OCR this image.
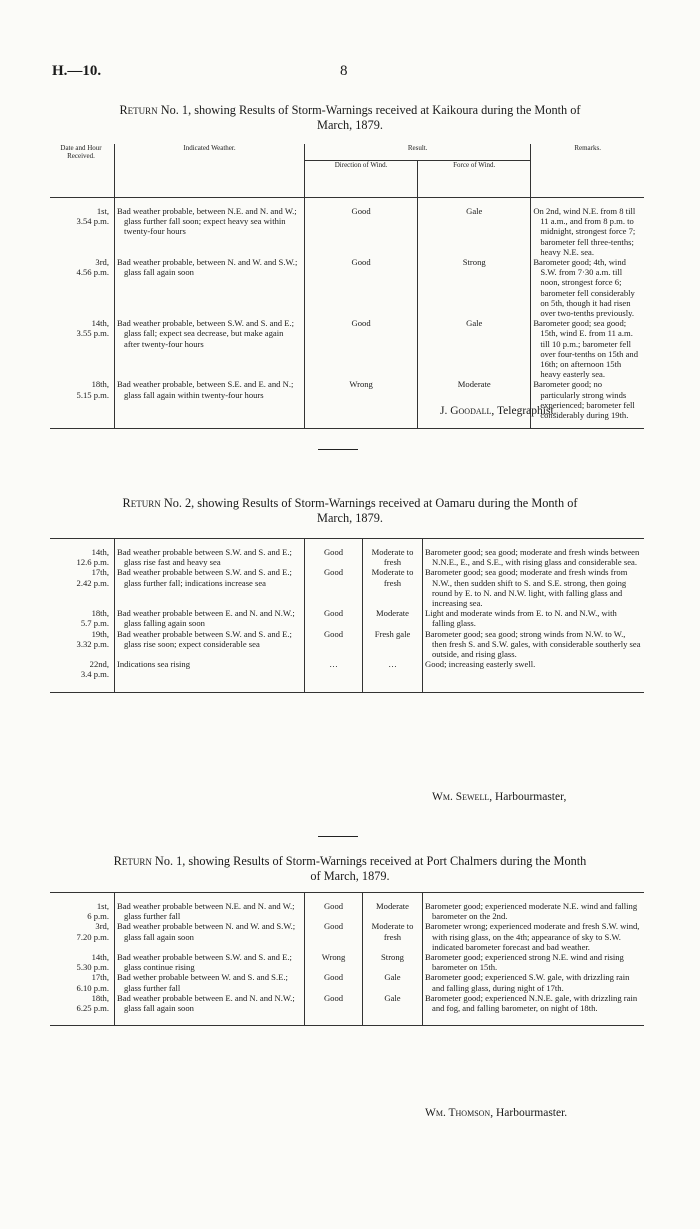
H.—10.	8
Return No. 1, showing Results of Storm-Warnings received at Kaikoura during the Month of
March, 1879.
Date and Hour Received.	Indicated Weather.	Result.		Remarks.
		Direction of Wind.	Force of Wind.	

1st,
3.54 p.m.	Bad weather probable, between N.E. and N. and W.; glass further fall soon; expect heavy sea within twenty-four hours	Good	Gale	On 2nd, wind N.E. from 8 till 11 a.m., and from 8 p.m. to midnight, strongest force 7; barometer fell three-tenths; heavy N.E. sea.
3rd,
4.56 p.m.	Bad weather probable, between N. and W. and S.W.; glass fall again soon	Good	Strong	Barometer good; 4th, wind S.W. from 7·30 a.m. till noon, strongest force 6; barometer fell considerably on 5th, though it had risen over two-tenths previously.
14th,
3.55 p.m.	Bad weather probable, between S.W. and S. and E.; glass fall; expect sea decrease, but make again after twenty-four hours	Good	Gale	Barometer good; sea good; 15th, wind E. from 11 a.m. till 10 p.m.; barometer fell over four-tenths on 15th and 16th; on afternoon 15th heavy easterly sea.
18th,
5.15 p.m.	Bad weather probable, between S.E. and E. and N.; glass fall again within twenty-four hours	Wrong	Moderate	Barometer good; no particularly strong winds experienced; barometer fell considerably during 19th.

J. Goodall, Telegraphist.
Return No. 2, showing Results of Storm-Warnings received at Oamaru during the Month of
March, 1879.

14th,
12.6 p.m.	Bad weather probable between S.W. and S. and E.; glass rise fast and heavy sea	Good	Moderate to fresh	Barometer good; sea good; moderate and fresh winds between N.N.E., E., and S.E., with rising glass and considerable sea.
17th,
2.42 p.m.	Bad weather probable between S.W. and S. and E.; glass further fall; indications increase sea	Good	Moderate to fresh	Barometer good; sea good; moderate and fresh winds from N.W., then sudden shift to S. and S.E. strong, then going round by E. to N. and N.W. light, with falling glass and increasing sea.
18th,
5.7 p.m.	Bad weather probable between E. and N. and N.W.; glass falling again soon	Good	Moderate	Light and moderate winds from E. to N. and N.W., with falling glass.
19th,
3.32 p.m.	Bad weather probable between S.W. and S. and E.; glass rise soon; expect considerable sea	Good	Fresh gale	Barometer good; sea good; strong winds from N.W. to W., then fresh S. and S.W. gales, with considerable southerly sea outside, and rising glass.
22nd,
3.4 p.m.	Indications sea rising	…	…	Good; increasing easterly swell.

Wm. Sewell, Harbourmaster,
Return No. 1, showing Results of Storm-Warnings received at Port Chalmers during the Month
of March, 1879.

1st,
6 p.m.	Bad weather probable between N.E. and N. and W.; glass further fall	Good	Moderate	Barometer good; experienced moderate N.E. wind and falling barometer on the 2nd.
3rd,
7.20 p.m.	Bad weather probable between N. and W. and S.W.; glass fall again soon	Good	Moderate to fresh	Barometer wrong; experienced moderate and fresh S.W. wind, with rising glass, on the 4th; appearance of sky to S.W. indicated barometer forecast and bad weather.
14th,
5.30 p.m.	Bad weather probable between S.W. and S. and E.; glass continue rising	Wrong	Strong	Barometer good; experienced strong N.E. wind and rising barometer on 15th.
17th,
6.10 p.m.	Bad wether probable between W. and S. and S.E.; glass further fall	Good	Gale	Barometer good; experienced S.W. gale, with drizzling rain and falling glass, during night of 17th.
18th,
6.25 p.m.	Bad weather probable between E. and N. and N.W.; glass fall again soon	Good	Gale	Barometer good; experienced N.N.E. gale, with drizzling rain and fog, and falling barometer, on night of 18th.

Wm. Thomson, Harbourmaster.
